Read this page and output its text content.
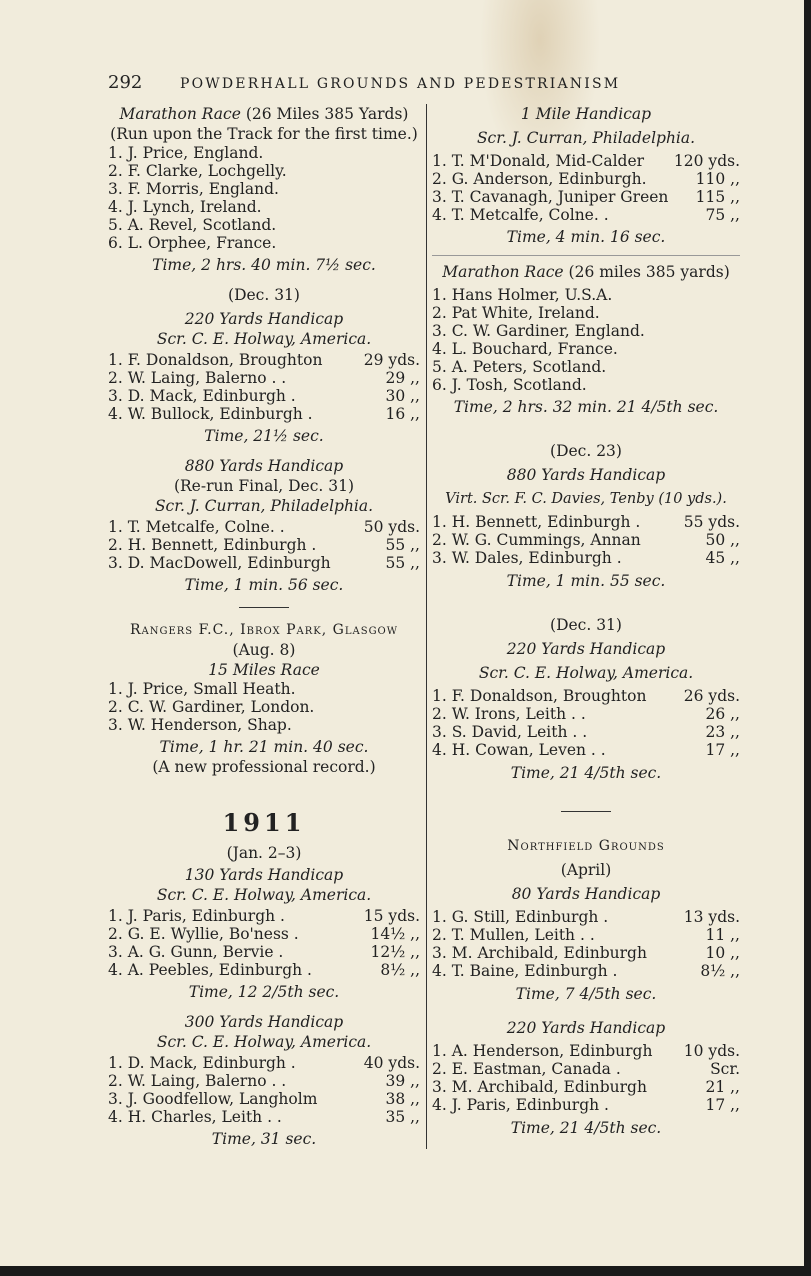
292	POWDERHALL GROUNDS AND PEDESTRIANISM
Marathon Race (26 Miles 385 Yards)
(Run upon the Track for the first time.)
1. J. Price, England.
2. F. Clarke, Lochgelly.
3. F. Morris, England.
4. J. Lynch, Ireland.
5. A. Revel, Scotland.
6. L. Orphee, France.
Time, 2 hrs. 40 min. 7½ sec.
(Dec. 31)
220 Yards Handicap
Scr. C. E. Holway, America.
1. F. Donaldson, Broughton	29 yds.
2. W. Laing, Balerno . .	29 ,,
3. D. Mack, Edinburgh .	30 ,,
4. W. Bullock, Edinburgh .	16 ,,
Time, 21½ sec.
880 Yards Handicap
(Re-run Final, Dec. 31)
Scr. J. Curran, Philadelphia.
1. T. Metcalfe, Colne. .	50 yds.
2. H. Bennett, Edinburgh .	55 ,,
3. D. MacDowell, Edinburgh	55 ,,
Time, 1 min. 56 sec.
Rangers F.C., Ibrox Park, Glasgow
(Aug. 8)
15 Miles Race
1. J. Price, Small Heath.
2. C. W. Gardiner, London.
3. W. Henderson, Shap.
Time, 1 hr. 21 min. 40 sec.
(A new professional record.)
1911
(Jan. 2–3)
130 Yards Handicap
Scr. C. E. Holway, America.
1. J. Paris, Edinburgh .	15 yds.
2. G. E. Wyllie, Bo'ness .	14½ ,,
3. A. G. Gunn, Bervie .	12½ ,,
4. A. Peebles, Edinburgh .	8½ ,,
Time, 12 2/5th sec.
300 Yards Handicap
Scr. C. E. Holway, America.
1. D. Mack, Edinburgh .	40 yds.
2. W. Laing, Balerno . .	39 ,,
3. J. Goodfellow, Langholm	38 ,,
4. H. Charles, Leith . .	35 ,,
Time, 31 sec.
1 Mile Handicap
Scr. J. Curran, Philadelphia.
1. T. M'Donald, Mid-Calder 120 yds.
2. G. Anderson, Edinburgh.	110 ,,
3. T. Cavanagh, Juniper Green 115 ,,
4. T. Metcalfe, Colne. .	75 ,,
Time, 4 min. 16 sec.
Marathon Race (26 miles 385 yards)
1. Hans Holmer, U.S.A.
2. Pat White, Ireland.
3. C. W. Gardiner, England.
4. L. Bouchard, France.
5. A. Peters, Scotland.
6. J. Tosh, Scotland.
Time, 2 hrs. 32 min. 21 4/5th sec.
(Dec. 23)
880 Yards Handicap
Virt. Scr. F. C. Davies, Tenby (10 yds.).
1. H. Bennett, Edinburgh .	55 yds.
2. W. G. Cummings, Annan	50 ,,
3. W. Dales, Edinburgh .	45 ,,
Time, 1 min. 55 sec.
(Dec. 31)
220 Yards Handicap
Scr. C. E. Holway, America.
1. F. Donaldson, Broughton 26 yds.
2. W. Irons, Leith . .	26 ,,
3. S. David, Leith . .	23 ,,
4. H. Cowan, Leven . .	17 ,,
Time, 21 4/5th sec.
Northfield Grounds
(April)
80 Yards Handicap
1. G. Still, Edinburgh .	13 yds.
2. T. Mullen, Leith . .	11 ,,
3. M. Archibald, Edinburgh	10 ,,
4. T. Baine, Edinburgh .	8½ ,,
Time, 7 4/5th sec.
220 Yards Handicap
1. A. Henderson, Edinburgh 10 yds.
2. E. Eastman, Canada .	Scr.
3. M. Archibald, Edinburgh	21 ,,
4. J. Paris, Edinburgh .	17 ,,
Time, 21 4/5th sec.
